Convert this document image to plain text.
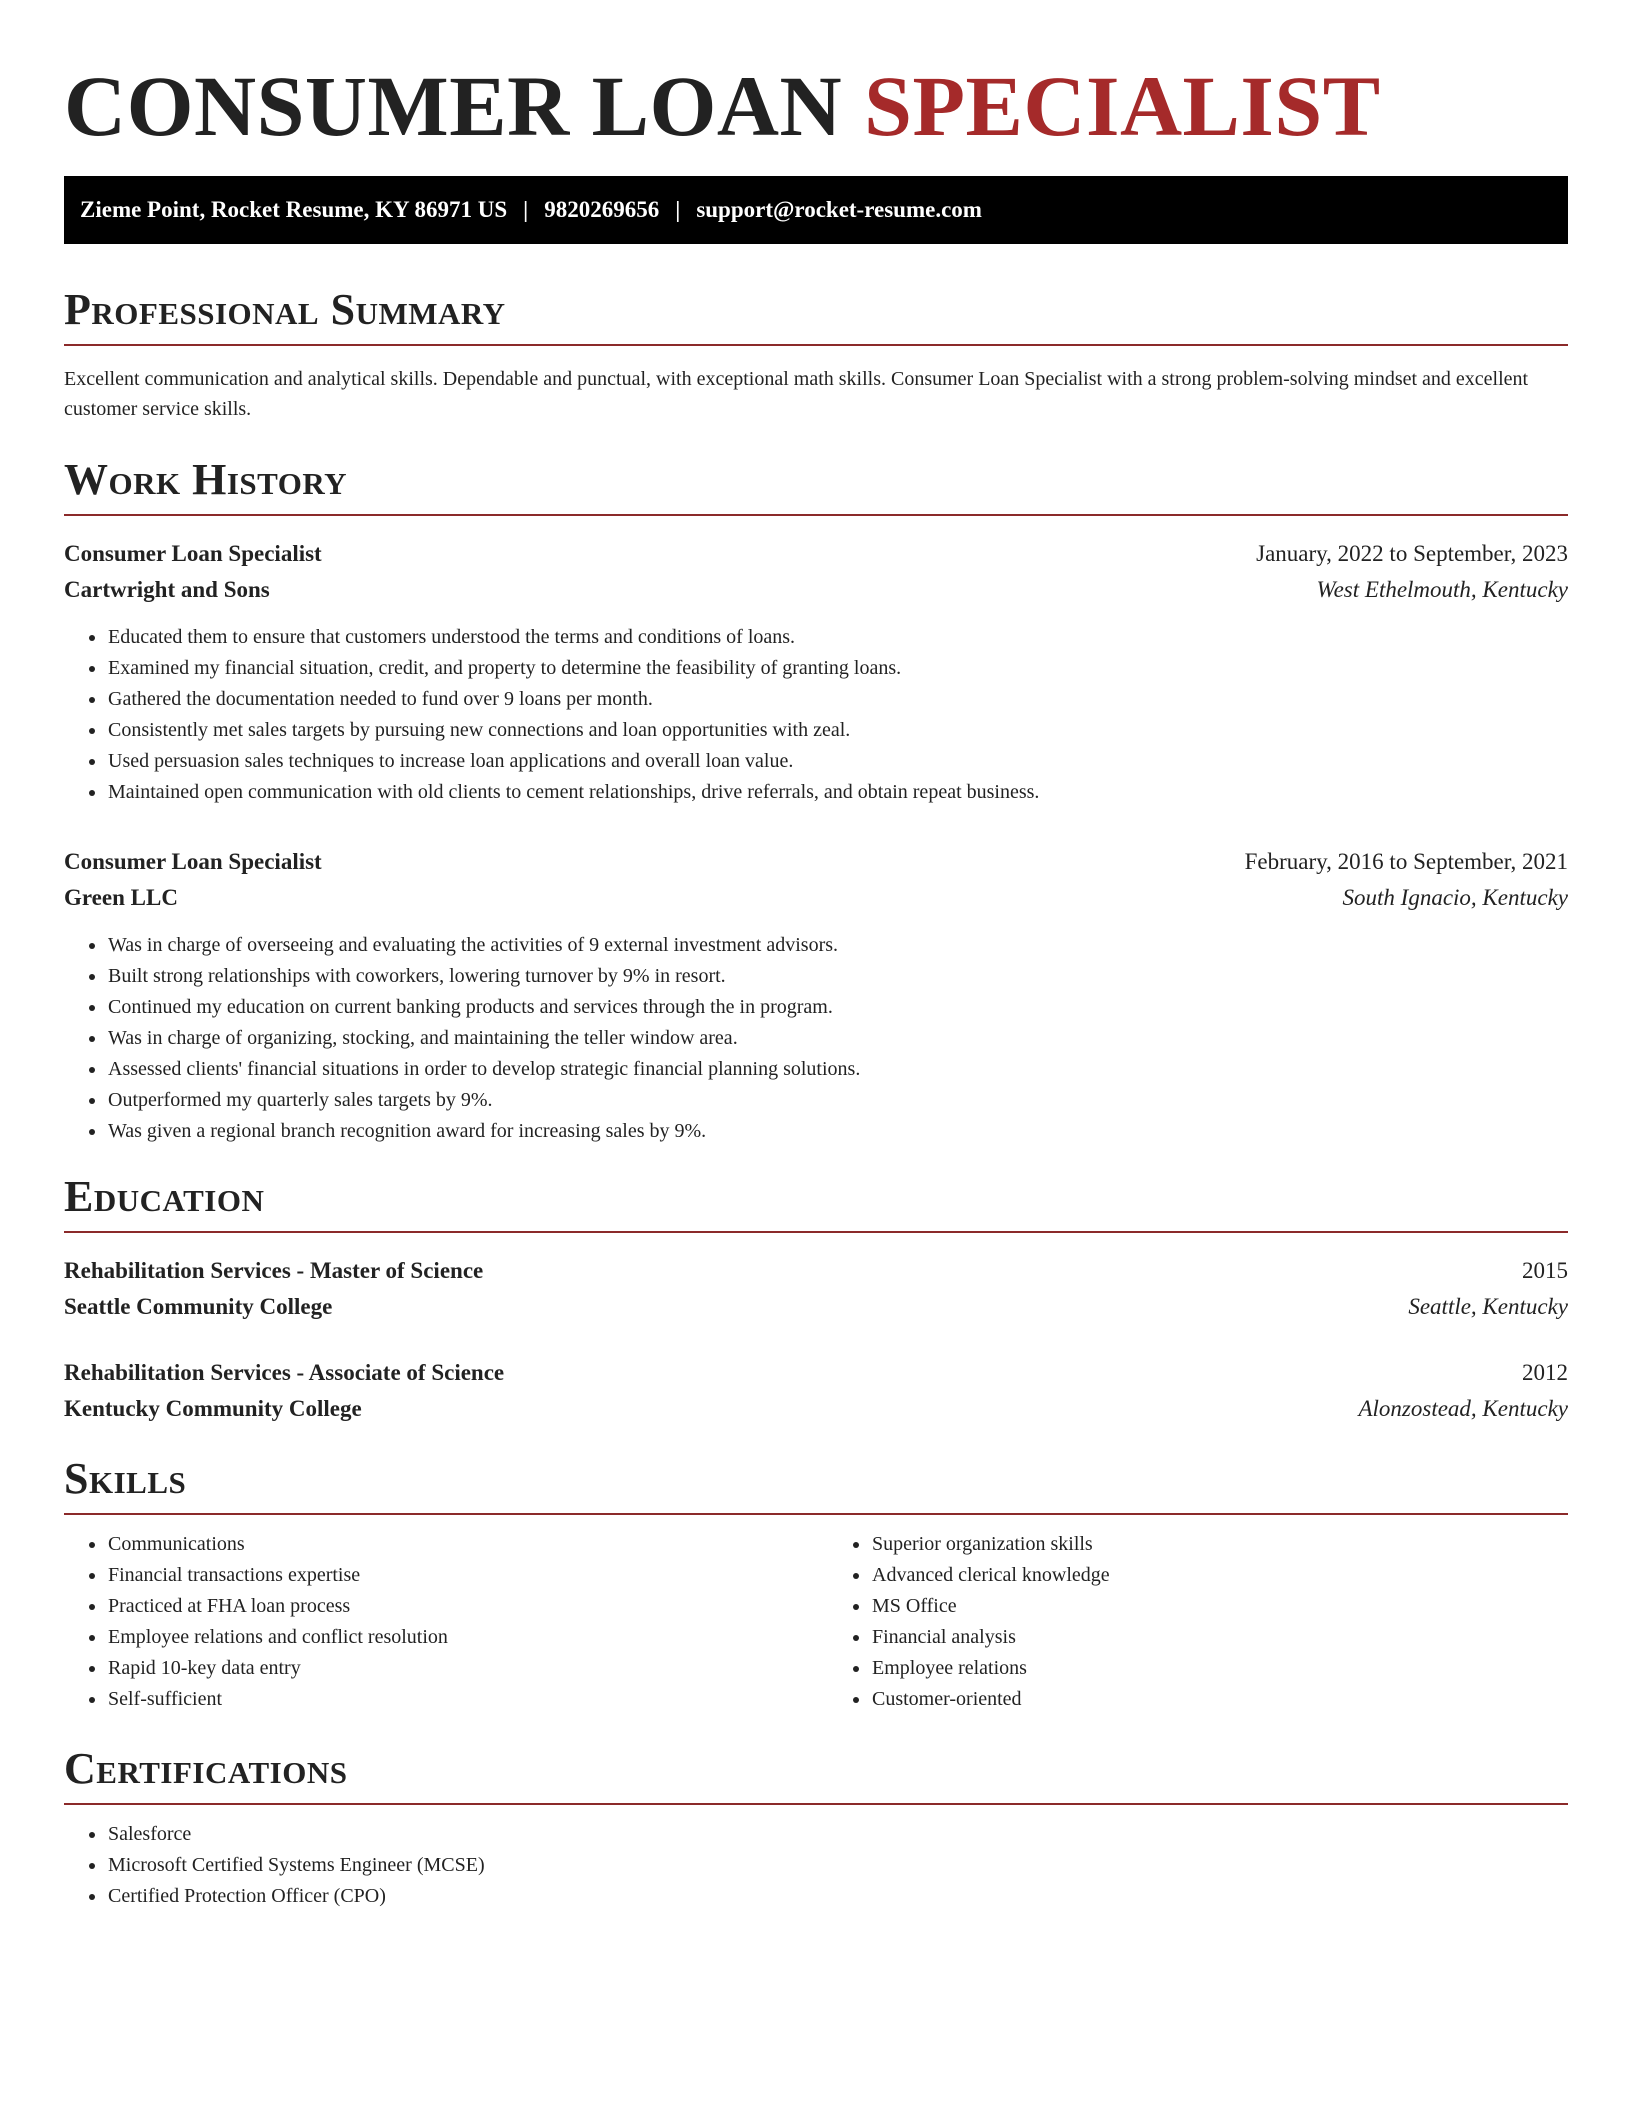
CONSUMER LOAN SPECIALIST
Zieme Point, Rocket Resume, KY 86971 US | 9820269656 | support@rocket-resume.com
Professional Summary

Excellent communication and analytical skills. Dependable and punctual, with exceptional math skills. Consumer Loan Specialist with a strong problem-solving mindset and excellent customer service skills.

Work History
Consumer Loan Specialist	January, 2022 to September, 2023
Cartwright and Sons	West Ethelmouth, Kentucky
• Educated them to ensure that customers understood the terms and conditions of loans.
• Examined my financial situation, credit, and property to determine the feasibility of granting loans.
• Gathered the documentation needed to fund over 9 loans per month.
• Consistently met sales targets by pursuing new connections and loan opportunities with zeal.
• Used persuasion sales techniques to increase loan applications and overall loan value.
• Maintained open communication with old clients to cement relationships, drive referrals, and obtain repeat business.
Consumer Loan Specialist	February, 2016 to September, 2021
Green LLC	South Ignacio, Kentucky
• Was in charge of overseeing and evaluating the activities of 9 external investment advisors.
• Built strong relationships with coworkers, lowering turnover by 9% in resort.
• Continued my education on current banking products and services through the in program.
• Was in charge of organizing, stocking, and maintaining the teller window area.
• Assessed clients' financial situations in order to develop strategic financial planning solutions.
• Outperformed my quarterly sales targets by 9%.
• Was given a regional branch recognition award for increasing sales by 9%.
Education
Rehabilitation Services - Master of Science	2015
Seattle Community College	Seattle, Kentucky
Rehabilitation Services - Associate of Science	2012
Kentucky Community College	Alonzostead, Kentucky
Skills
• Communications
• Financial transactions expertise
• Practiced at FHA loan process
• Employee relations and conflict resolution
• Rapid 10-key data entry
• Self-sufficient
• Superior organization skills
• Advanced clerical knowledge
• MS Office
• Financial analysis
• Employee relations
• Customer-oriented
Certifications
• Salesforce
• Microsoft Certified Systems Engineer (MCSE)
• Certified Protection Officer (CPO)
